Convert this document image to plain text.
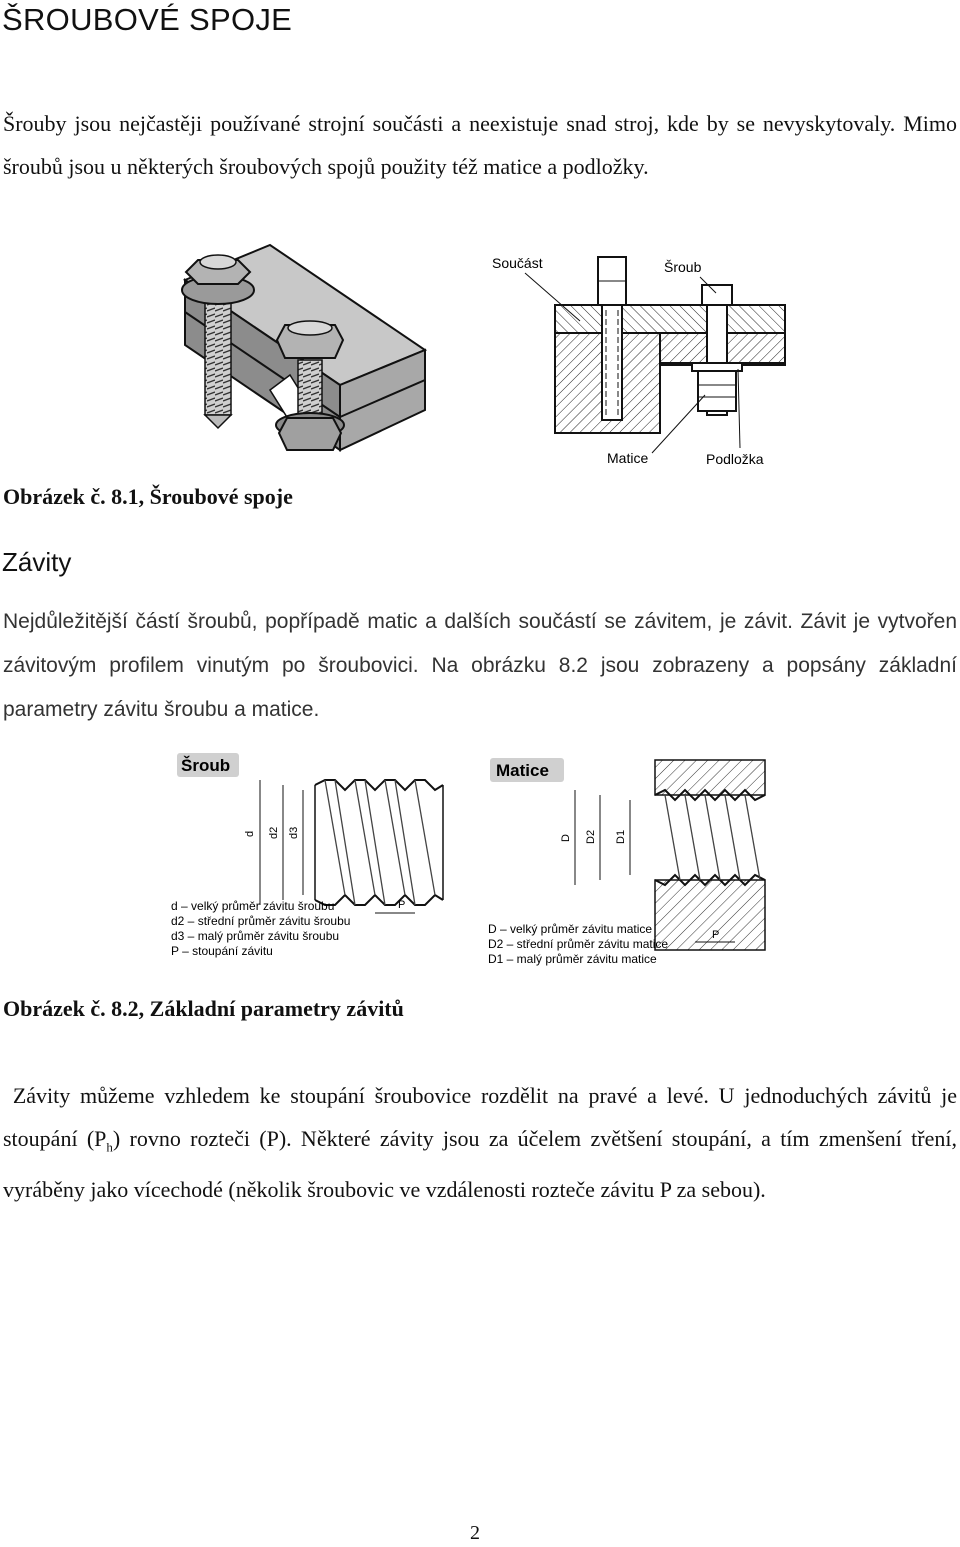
ŠROUBOVÉ SPOJE

Šrouby jsou nejčastěji používané strojní součásti a neexistuje snad stroj, kde by se nevyskytovaly. Mimo šroubů jsou u některých šroubových spojů použity též matice a podložky.

Součást	Šroub
Matice	Podložka

Obrázek č. 8.1, Šroubové spoje

Závity

Nejdůležitější částí šroubů, popřípadě matic a dalších součástí se závitem, je závit. Závit je vytvořen závitovým profilem vinutým po šroubovici. Na obrázku 8.2 jsou zobrazeny a popsány základní parametry závitu šroubu a matice.

Šroub
d d2 d3
P
d – velký průměr závitu šroubu
d2 – střední průměr závitu šroubu
d3 – malý průměr závitu šroubu
P – stoupání závitu
Matice
D D2 D1
P
D – velký průměr závitu matice
D2 – střední průměr závitu matice
D1 – malý průměr závitu matice

Obrázek č. 8.2, Základní parametry závitů

Závity můžeme vzhledem ke stoupání šroubovice rozdělit na pravé a levé. U jednoduchých závitů je stoupání $(P_h)$ rovno rozteči (P). Některé závity jsou za účelem zvětšení stoupání, a tím zmenšení tření, vyráběny jako vícechodé (několik šroubovic ve vzdálenosti rozteče závitu P za sebou).

2
